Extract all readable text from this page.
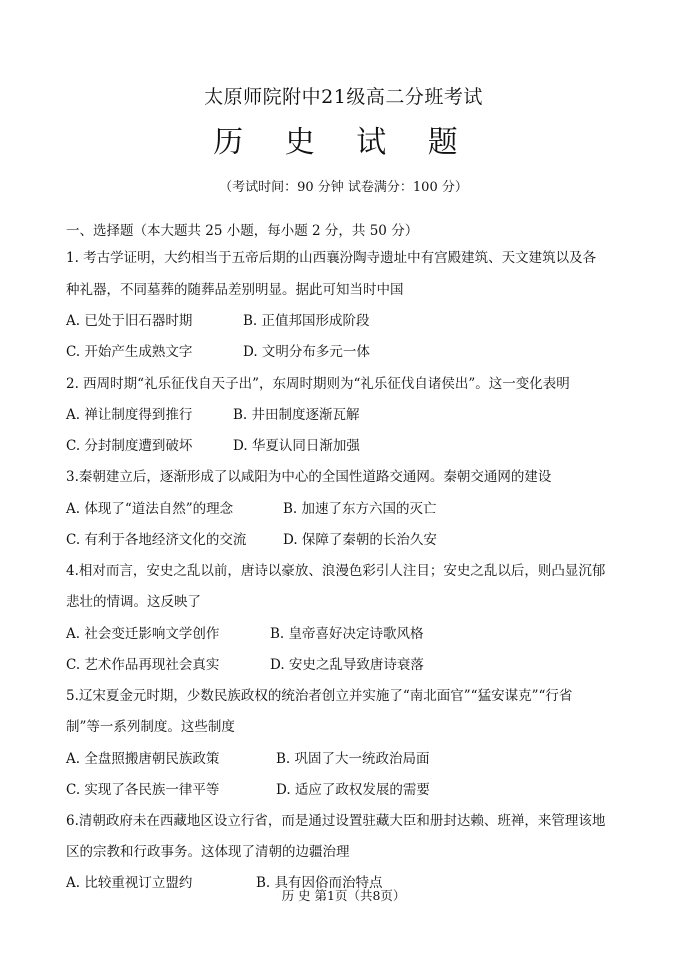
太原师院附中21级高二分班考试
历 史 试 题
（考试时间：90 分钟 试卷满分：100 分）
一、选择题（本大题共 25 小题，每小题 2 分，共 50 分）
1. 考古学证明，大约相当于五帝后期的山西襄汾陶寺遗址中有宫殿建筑、天文建筑以及各
种礼器，不同墓葬的随葬品差别明显。据此可知当时中国
A. 已处于旧石器时期	B. 正值邦国形成阶段
C. 开始产生成熟文字	D. 文明分布多元一体
2. 西周时期“礼乐征伐自天子出”，东周时期则为“礼乐征伐自诸侯出”。这一变化表明
A. 禅让制度得到推行	B. 井田制度逐渐瓦解
C. 分封制度遭到破坏	D. 华夏认同日渐加强
3.秦朝建立后，逐渐形成了以咸阳为中心的全国性道路交通网。秦朝交通网的建设
A. 体现了“道法自然”的理念	B. 加速了东方六国的灭亡
C. 有利于各地经济文化的交流	D. 保障了秦朝的长治久安
4.相对而言，安史之乱以前，唐诗以豪放、浪漫色彩引人注目；安史之乱以后，则凸显沉郁
悲壮的情调。这反映了
A. 社会变迁影响文学创作	B. 皇帝喜好决定诗歌风格
C. 艺术作品再现社会真实	D. 安史之乱导致唐诗衰落
5.辽宋夏金元时期，少数民族政权的统治者创立并实施了“南北面官”“猛安谋克”“行省
制”等一系列制度。这些制度
A. 全盘照搬唐朝民族政策	B. 巩固了大一统政治局面
C. 实现了各民族一律平等	D. 适应了政权发展的需要
6.清朝政府未在西藏地区设立行省，而是通过设置驻藏大臣和册封达赖、班禅，来管理该地
区的宗教和行政事务。这体现了清朝的边疆治理
A. 比较重视订立盟约	B. 具有因俗而治特点
历 史 第1页（共8页）
